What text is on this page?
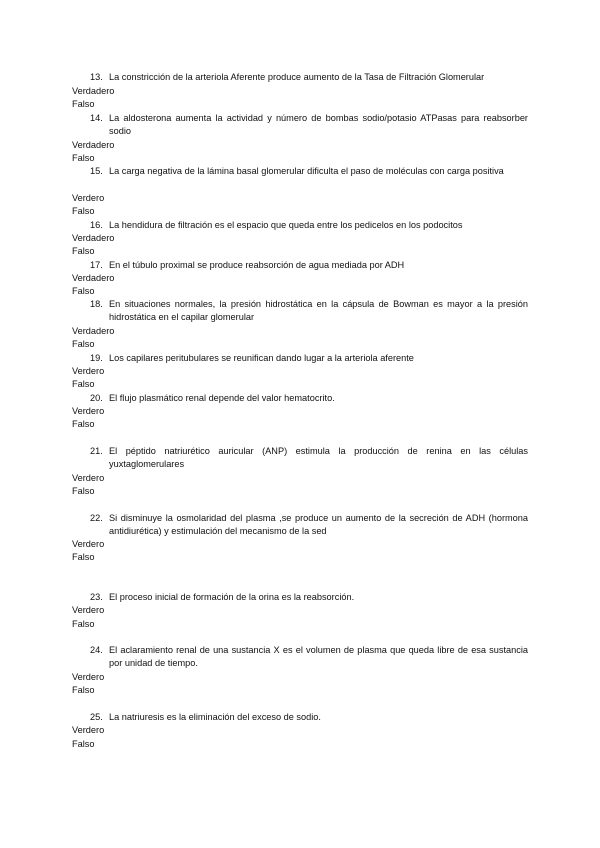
13. La constricción de la arteriola Aferente produce aumento de la Tasa de Filtración Glomerular
Verdadero
Falso
14. La aldosterona aumenta la actividad y número de bombas sodio/potasio ATPasas para reabsorber sodio
Verdadero
Falso
15. La carga negativa de la lámina basal glomerular dificulta el paso de moléculas con carga positiva
Verdero
Falso
16. La hendidura de filtración es el espacio que queda entre los pedicelos en los podocitos
Verdadero
Falso
17. En el túbulo proximal se produce reabsorción de agua mediada por ADH
Verdadero
Falso
18. En situaciones normales, la presión hidrostática en la cápsula de Bowman es mayor a la presión hidrostática en el capilar glomerular
Verdadero
Falso
19. Los capilares peritubulares se reunifican dando lugar a la arteriola aferente
Verdero
Falso
20. El flujo plasmático renal depende del valor hematocrito.
Verdero
Falso
21. El péptido natriurético auricular (ANP) estimula la producción de renina en las células yuxtaglomerulares
Verdero
Falso
22. Si disminuye la osmolaridad del plasma ,se produce un aumento de la secreción de ADH (hormona antidiurética) y estimulación del mecanismo de la sed
Verdero
Falso
23. El proceso inicial de formación de la orina es la reabsorción.
Verdero
Falso
24. El aclaramiento renal de una sustancia X es el volumen de plasma que queda libre de esa sustancia por unidad de tiempo.
Verdero
Falso
25. La natriuresis es la eliminación del exceso de sodio.
Verdero
Falso
